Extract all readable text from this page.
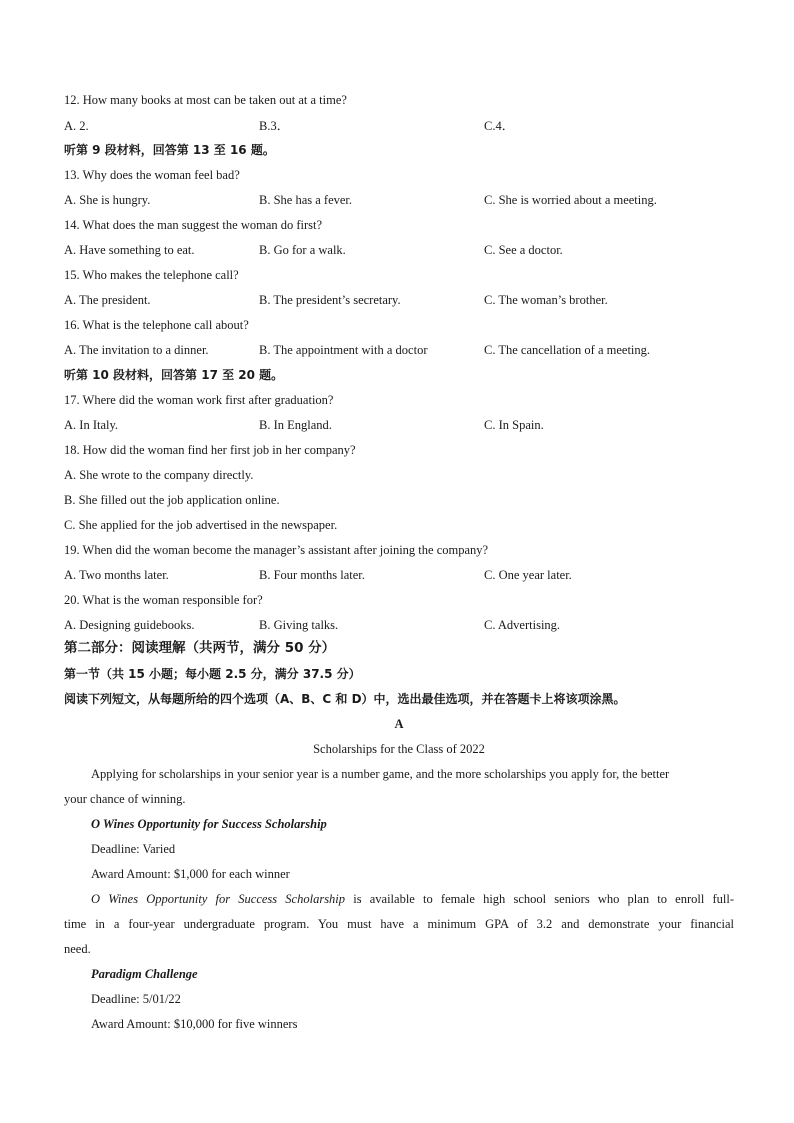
12. How many books at most can be taken out at a time?
A. 2.	B.3．	C.4．
听第 9 段材料，回答第 13 至 16 题。
13. Why does the woman feel bad?
A. She is hungry.	B. She has a fever.	C. She is worried about a meeting.
14. What does the man suggest the woman do first?
A. Have something to eat.	B. Go for a walk.	C. See a doctor.
15. Who makes the telephone call?
A. The president.	B. The president’s secretary.	C. The woman’s brother.
16. What is the telephone call about?
A. The invitation to a dinner.	B. The appointment with a doctor	C. The cancellation of a meeting.
听第 10 段材料，回答第 17 至 20 题。
17. Where did the woman work first after graduation?
A. In Italy.	B. In England.	C. In Spain.
18. How did the woman find her first job in her company?
A. She wrote to the company directly.
B. She filled out the job application online.
C. She applied for the job advertised in the newspaper.
19. When did the woman become the manager’s assistant after joining the company?
A. Two months later.	B. Four months later.	C. One year later.
20. What is the woman responsible for?
A. Designing guidebooks.	B. Giving talks.	C. Advertising.
第二部分：阅读理解（共两节，满分 50 分）
第一节（共 15 小题；每小题 2.5 分，满分 37.5 分）
阅读下列短文，从每题所给的四个选项（A、B、C 和 D）中，选出最佳选项，并在答题卡上将该项涂黑。
A
Scholarships for the Class of 2022
Applying for scholarships in your senior year is a number game, and the more scholarships you apply for, the better
your chance of winning.
O Wines Opportunity for Success Scholarship
Deadline: Varied
Award Amount: $1,000 for each winner
O Wines Opportunity for Success Scholarship is available to female high school seniors who plan to enroll full-
time in a four-year undergraduate program. You must have a minimum GPA of 3.2 and demonstrate your financial
need.
Paradigm Challenge
Deadline: 5/01/22
Award Amount: $10,000 for five winners
